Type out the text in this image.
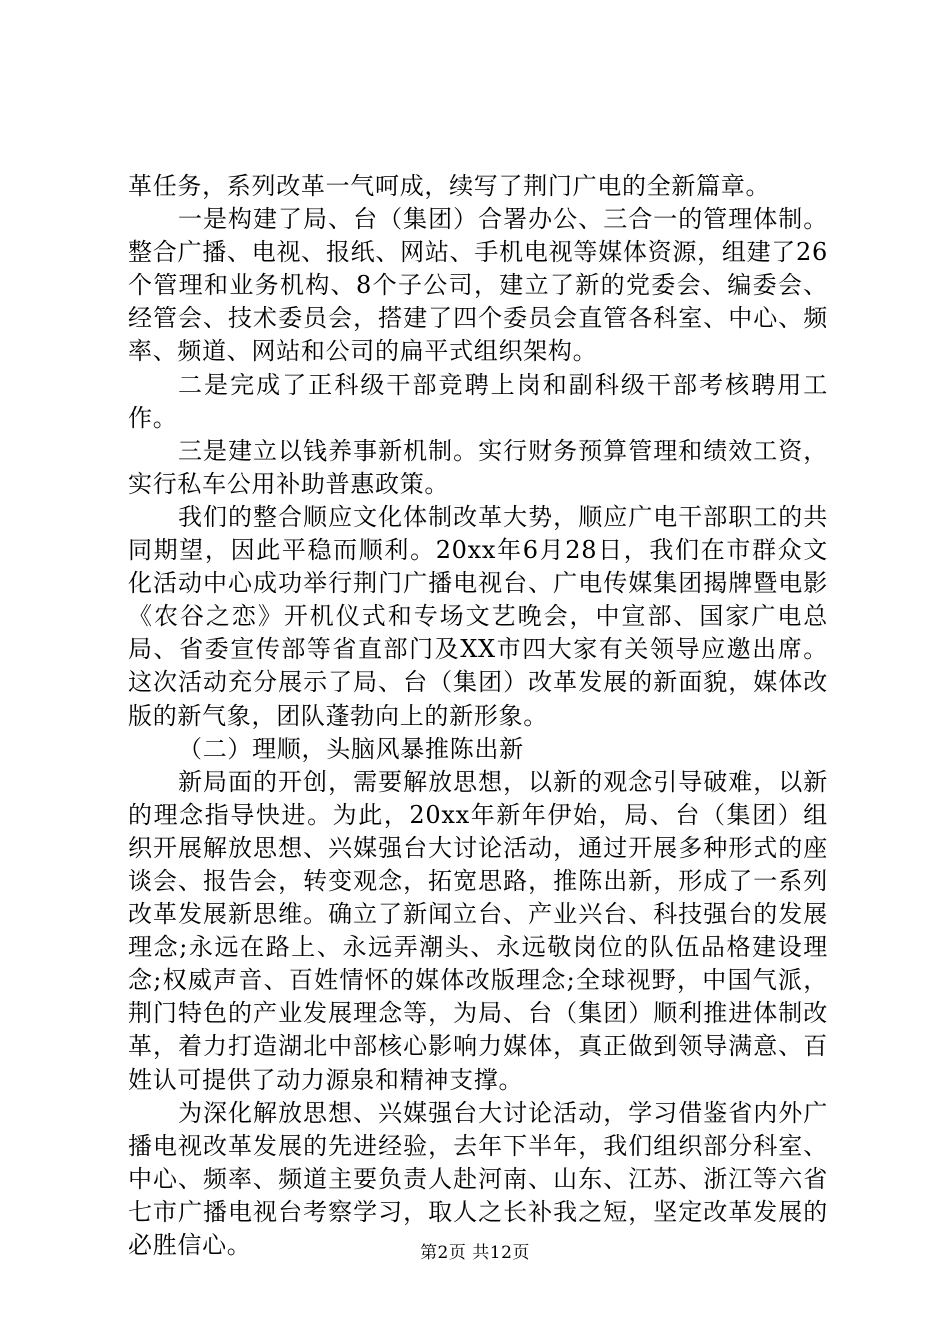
革任务，系列改革一气呵成，续写了荆门广电的全新篇章。

一是构建了局、台（集团）合署办公、三合一的管理体制。整合广播、电视、报纸、网站、手机电视等媒体资源，组建了26个管理和业务机构、8个子公司，建立了新的党委会、编委会、经管会、技术委员会，搭建了四个委员会直管各科室、中心、频率、频道、网站和公司的扁平式组织架构。

二是完成了正科级干部竞聘上岗和副科级干部考核聘用工作。

三是建立以钱养事新机制。实行财务预算管理和绩效工资，实行私车公用补助普惠政策。

我们的整合顺应文化体制改革大势，顺应广电干部职工的共同期望，因此平稳而顺利。20xx年6月28日，我们在市群众文化活动中心成功举行荆门广播电视台、广电传媒集团揭牌暨电影《农谷之恋》开机仪式和专场文艺晚会，中宣部、国家广电总局、省委宣传部等省直部门及XX市四大家有关领导应邀出席。这次活动充分展示了局、台（集团）改革发展的新面貌，媒体改版的新气象，团队蓬勃向上的新形象。

（二）理顺，头脑风暴推陈出新

新局面的开创，需要解放思想，以新的观念引导破难，以新的理念指导快进。为此，20xx年新年伊始，局、台（集团）组织开展解放思想、兴媒强台大讨论活动，通过开展多种形式的座谈会、报告会，转变观念，拓宽思路，推陈出新，形成了一系列改革发展新思维。确立了新闻立台、产业兴台、科技强台的发展理念;永远在路上、永远弄潮头、永远敬岗位的队伍品格建设理念;权威声音、百姓情怀的媒体改版理念;全球视野，中国气派，荆门特色的产业发展理念等，为局、台（集团）顺利推进体制改革，着力打造湖北中部核心影响力媒体，真正做到领导满意、百姓认可提供了动力源泉和精神支撑。

为深化解放思想、兴媒强台大讨论活动，学习借鉴省内外广播电视改革发展的先进经验，去年下半年，我们组织部分科室、中心、频率、频道主要负责人赴河南、山东、江苏、浙江等六省七市广播电视台考察学习，取人之长补我之短，坚定改革发展的必胜信心。	第2页 共12页
